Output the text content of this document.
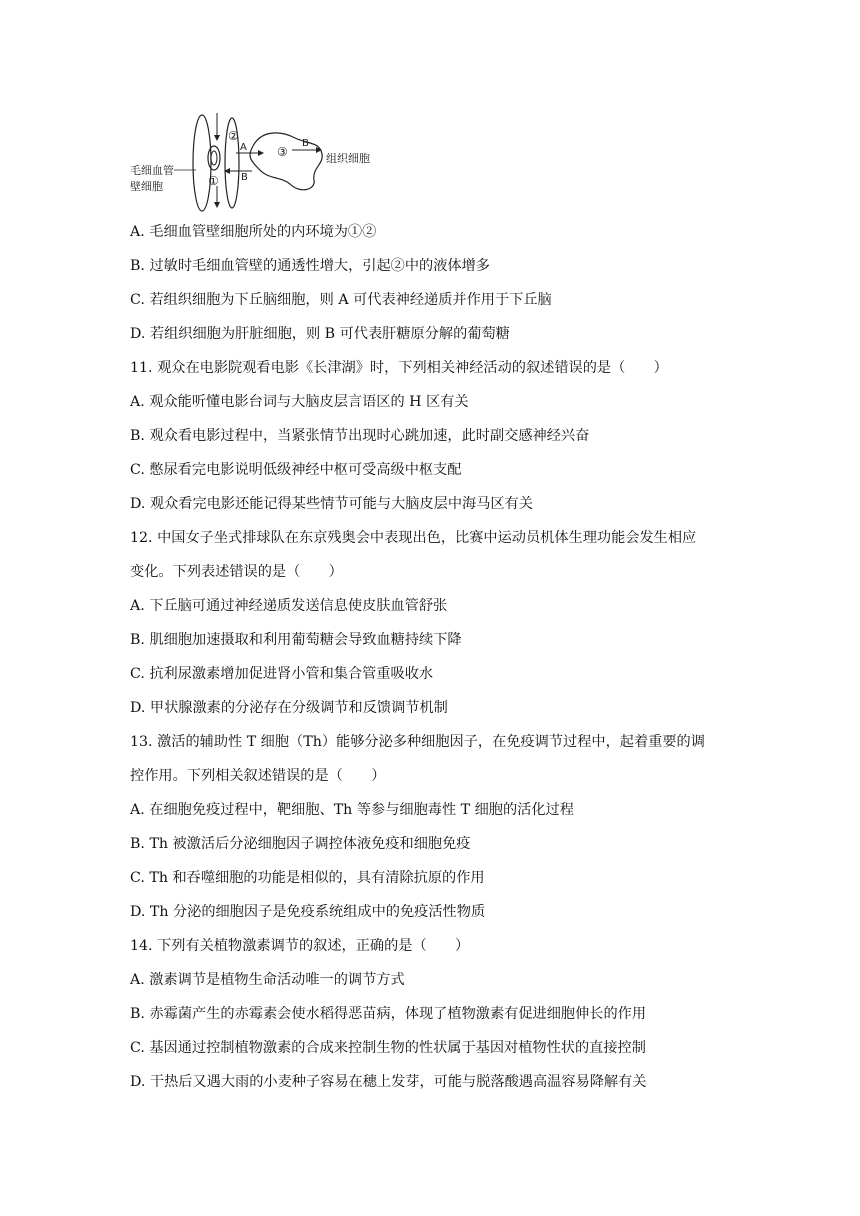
毛细血管
壁细胞
②
A
B
①
③
B
组织细胞
A. 毛细血管壁细胞所处的内环境为①②
B. 过敏时毛细血管壁的通透性增大，引起②中的液体增多
C. 若组织细胞为下丘脑细胞，则 A 可代表神经递质并作用于下丘脑
D. 若组织细胞为肝脏细胞，则 B 可代表肝糖原分解的葡萄糖
11. 观众在电影院观看电影《长津湖》时，下列相关神经活动的叙述错误的是（　　）
A. 观众能听懂电影台词与大脑皮层言语区的 H 区有关
B. 观众看电影过程中，当紧张情节出现时心跳加速，此时副交感神经兴奋
C. 憋尿看完电影说明低级神经中枢可受高级中枢支配
D. 观众看完电影还能记得某些情节可能与大脑皮层中海马区有关
12. 中国女子坐式排球队在东京残奥会中表现出色，比赛中运动员机体生理功能会发生相应
变化。下列表述错误的是（　　）
A. 下丘脑可通过神经递质发送信息使皮肤血管舒张
B. 肌细胞加速摄取和利用葡萄糖会导致血糖持续下降
C. 抗利尿激素增加促进肾小管和集合管重吸收水
D. 甲状腺激素的分泌存在分级调节和反馈调节机制
13. 激活的辅助性 T 细胞（Th）能够分泌多种细胞因子，在免疫调节过程中，起着重要的调
控作用。下列相关叙述错误的是（　　）
A. 在细胞免疫过程中，靶细胞、Th 等参与细胞毒性 T 细胞的活化过程
B. Th 被激活后分泌细胞因子调控体液免疫和细胞免疫
C. Th 和吞噬细胞的功能是相似的，具有清除抗原的作用
D. Th 分泌的细胞因子是免疫系统组成中的免疫活性物质
14. 下列有关植物激素调节的叙述，正确的是（　　）
A. 激素调节是植物生命活动唯一的调节方式
B. 赤霉菌产生的赤霉素会使水稻得恶苗病，体现了植物激素有促进细胞伸长的作用
C. 基因通过控制植物激素的合成来控制生物的性状属于基因对植物性状的直接控制
D. 干热后又遇大雨的小麦种子容易在穗上发芽，可能与脱落酸遇高温容易降解有关
